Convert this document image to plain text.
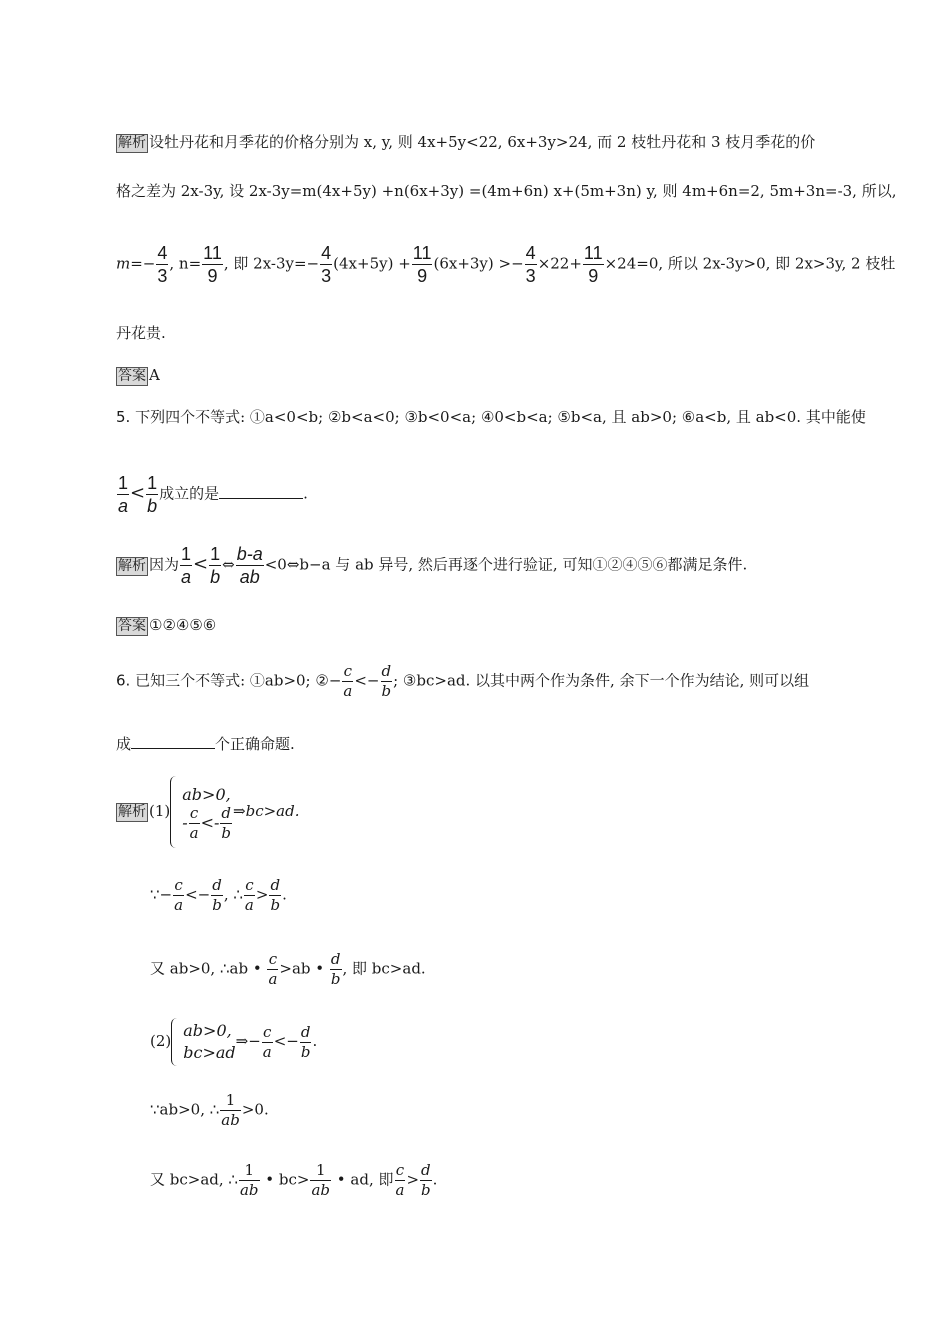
解析 设牡丹花和月季花的价格分别为 x, y, 则 4x+5y<22, 6x+3y>24, 而 2 枝牡丹花和 3 枝月季花的价
格之差为 2x-3y, 设 2x-3y=m(4x+5y) +n(6x+3y) =(4m+6n) x+(5m+3n) y, 则 4m+6n=2, 5m+3n=-3, 所以,
$m=- \frac{4}{3}$ , $n= \frac{11}{9}$ , 即 $2x-3y=- \frac{4}{3} (4x+5y) + \frac{11}{9} (6x+3y) >- \frac{4}{3} \times 22+ \frac{11}{9} \times 24=0$, 所以 2x-3y>0, 即 2x>3y, 2 枝牡
丹花贵.
答案 A
5. 下列四个不等式: ①a<0<b; ②b<a<0; ③b<0<a; ④0<b<a; ⑤b<a, 且 ab>0; ⑥a<b, 且 ab<0. 其中能使
$\frac{1}{a} < \frac{1}{b}$ 成立的是	.
解析 因为 $\frac{1}{a} < \frac{1}{b}$ ⇔ $\frac{b-a}{ab}$ <0⇔b−a 与 ab 异号, 然后再逐个进行验证, 可知①②④⑤⑥都满足条件.
答案 ①②④⑤⑥
6. 已知三个不等式: ①ab>0; ②− $\frac{c}{a} <- \frac{d}{b}$ ; ③bc>ad. 以其中两个作为条件, 余下一个作为结论, 则可以组
成	个正确命题.
解析 (1)
ab>0,
- $\frac{c}{a} <- \frac{d}{b}$ ⇒bc>ad.
∵− $\frac{c}{a} <- \frac{d}{b}$ , ∴ $\frac{c}{a} > \frac{d}{b}$ .
又 ab>0, ∴ab • $\frac{c}{a} >ab$ • $\frac{d}{b}$ , 即 bc>ad.
(2)
ab>0,
bc>ad
⇒− $\frac{c}{a} <- \frac{d}{b}$ .
∵ab>0, ∴ $\frac{1}{ab} >0$.
又 bc>ad, ∴ $\frac{1}{ab}$ • $bc> \frac{1}{ab}$ • ad, 即 $\frac{c}{a} > \frac{d}{b}$ .
